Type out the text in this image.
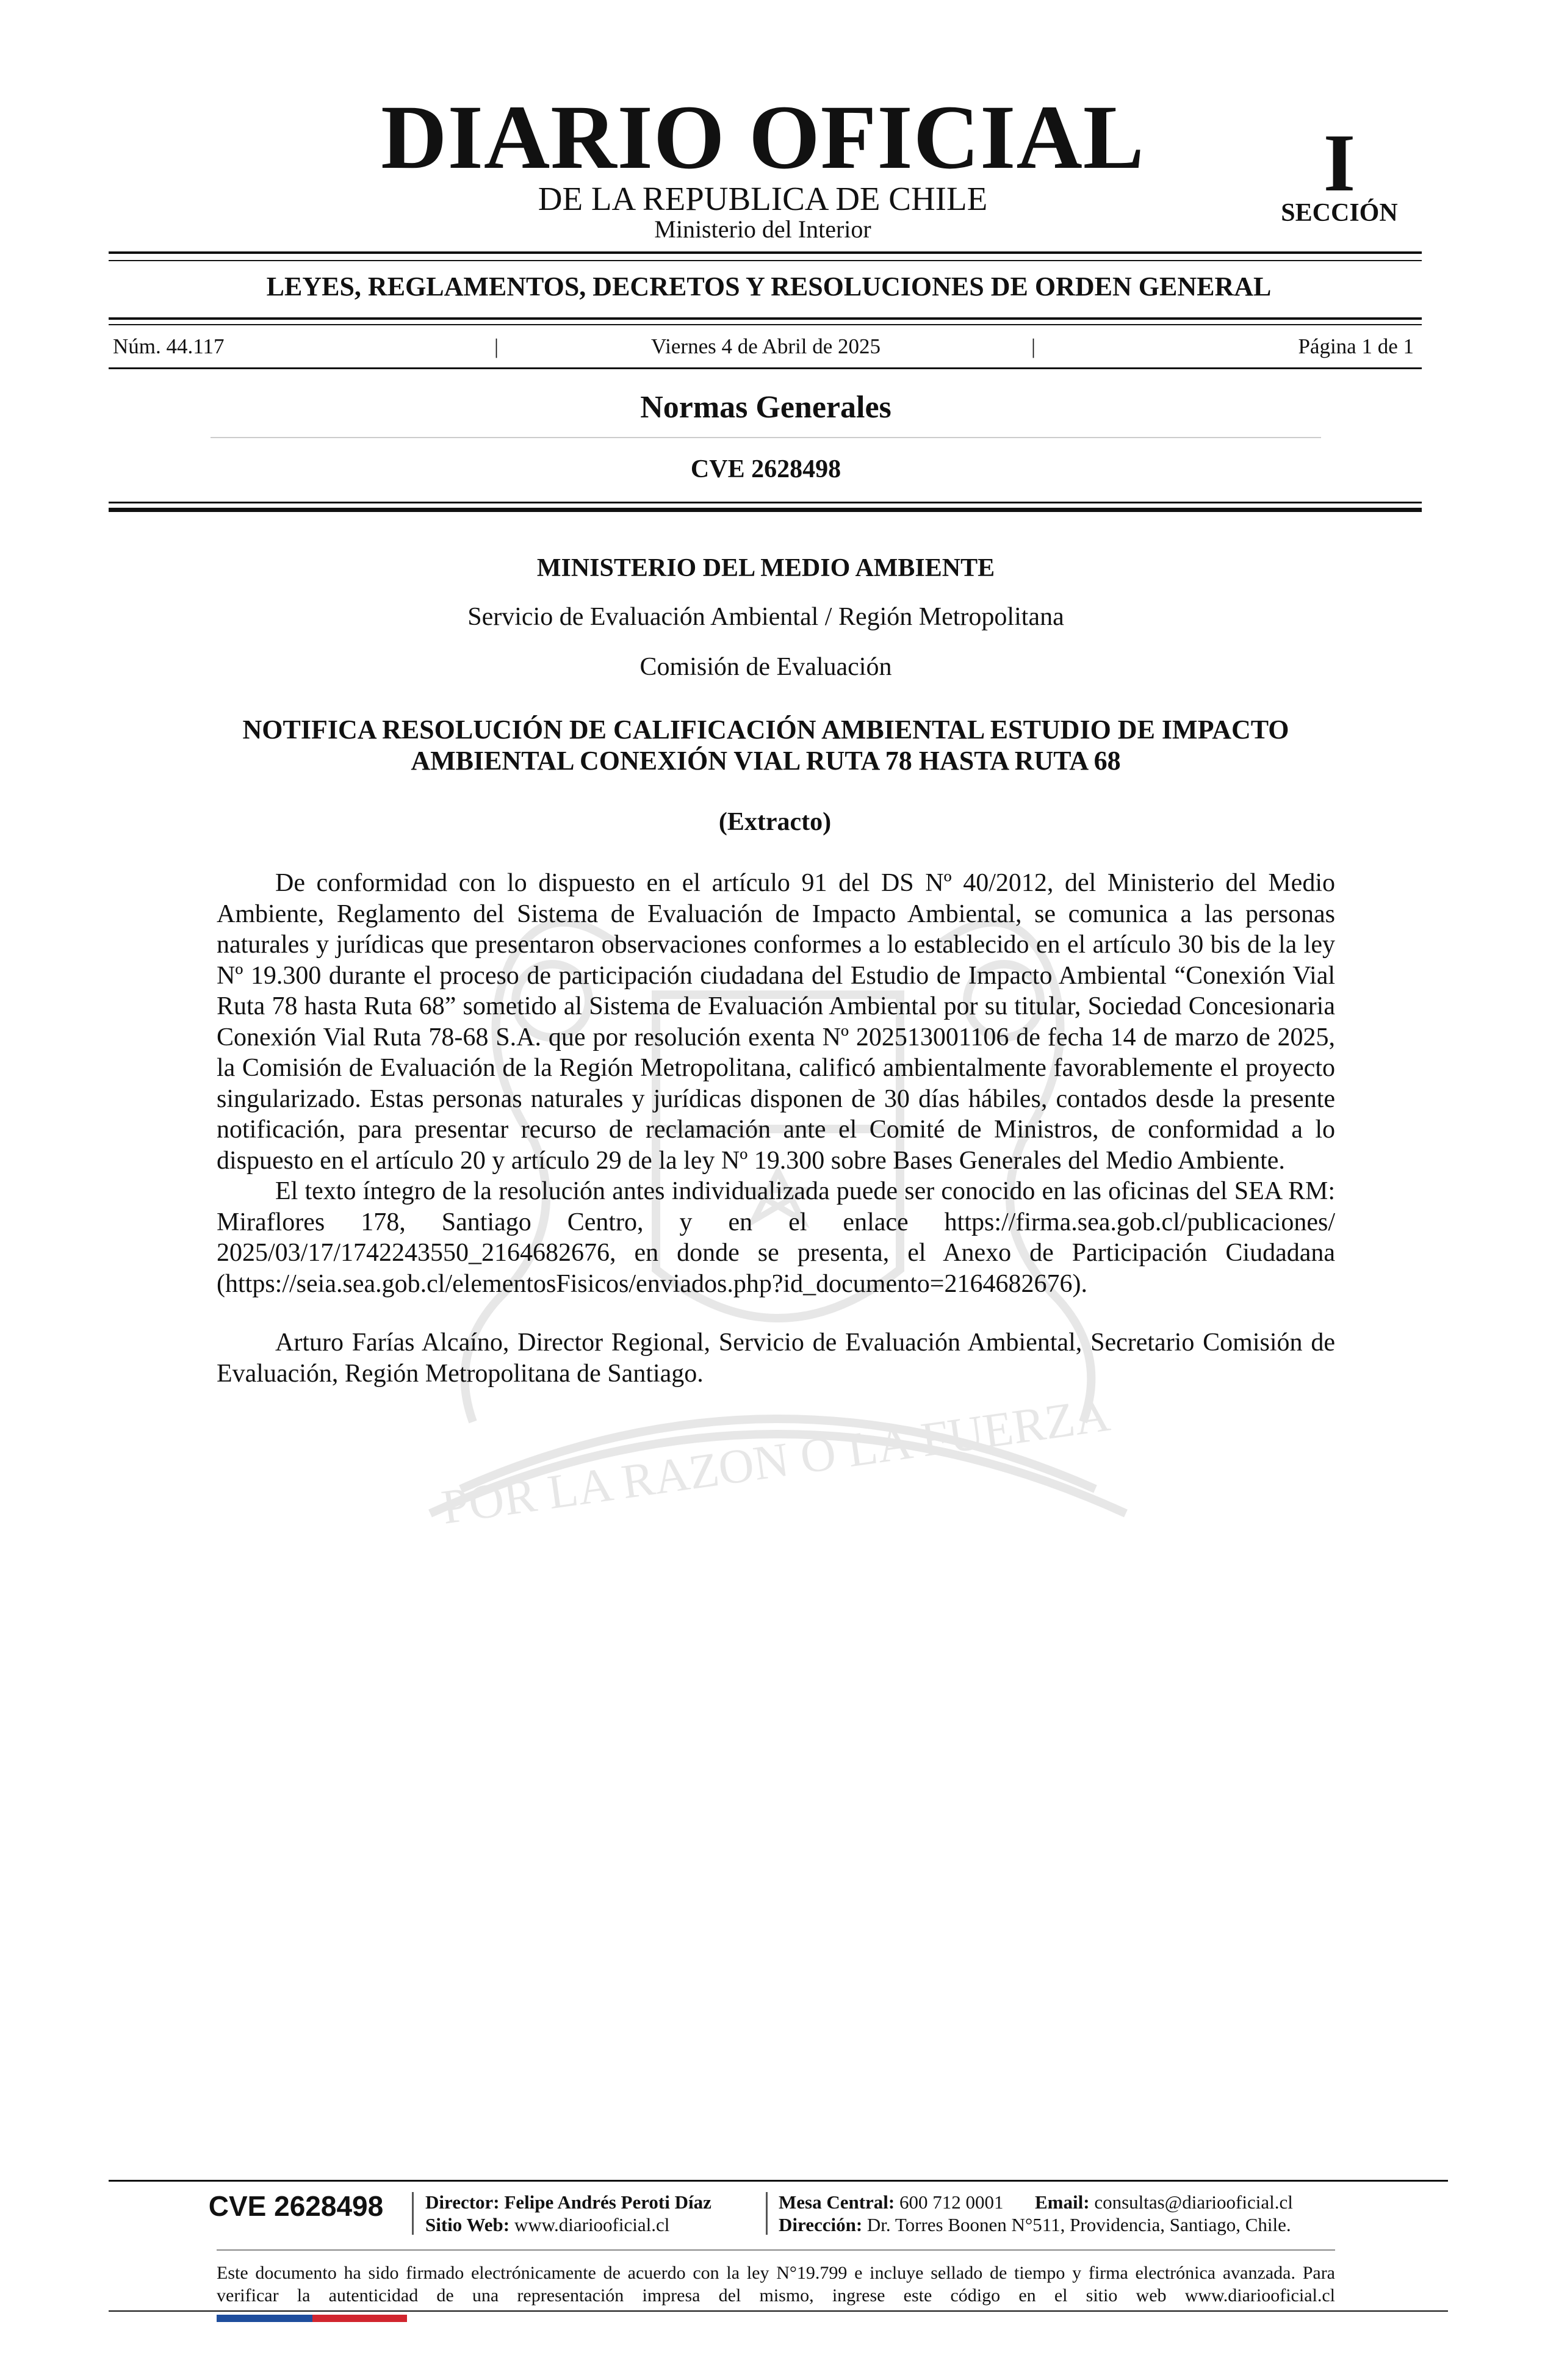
POR LA RAZON O LA FUERZA
DIARIO OFICIAL
DE LA REPUBLICA DE CHILE
Ministerio del Interior
I
SECCIÓN
LEYES, REGLAMENTOS, DECRETOS Y RESOLUCIONES DE ORDEN GENERAL
Núm. 44.117	|	Viernes 4 de Abril de 2025	|	Página 1 de 1
Normas Generales
CVE 2628498
MINISTERIO DEL MEDIO AMBIENTE
Servicio de Evaluación Ambiental / Región Metropolitana
Comisión de Evaluación
NOTIFICA RESOLUCIÓN DE CALIFICACIÓN AMBIENTAL ESTUDIO DE IMPACTO AMBIENTAL CONEXIÓN VIAL RUTA 78 HASTA RUTA 68
(Extracto)

De conformidad con lo dispuesto en el artículo 91 del DS Nº 40/2012, del Ministerio del Medio Ambiente, Reglamento del Sistema de Evaluación de Impacto Ambiental, se comunica a las personas naturales y jurídicas que presentaron observaciones conformes a lo establecido en el artículo 30 bis de la ley Nº 19.300 durante el proceso de participación ciudadana del Estudio de Impacto Ambiental “Conexión Vial Ruta 78 hasta Ruta 68” sometido al Sistema de Evaluación Ambiental por su titular, Sociedad Concesionaria Conexión Vial Ruta 78-68 S.A. que por resolución exenta Nº 202513001106 de fecha 14 de marzo de 2025, la Comisión de Evaluación de la Región Metropolitana, calificó ambientalmente favorablemente el proyecto singularizado. Estas personas naturales y jurídicas disponen de 30 días hábiles, contados desde la presente notificación, para presentar recurso de reclamación ante el Comité de Ministros, de conformidad a lo dispuesto en el artículo 20 y artículo 29 de la ley Nº 19.300 sobre Bases Generales del Medio Ambiente.

El texto íntegro de la resolución antes individualizada puede ser conocido en las oficinas del SEA RM: Miraflores 178, Santiago Centro, y en el enlace https://firma.sea.gob.cl/publicaciones/ 2025/03/17/1742243550_2164682676, en donde se presenta, el Anexo de Participación Ciudadana (https://seia.sea.gob.cl/elementosFisicos/enviados.php?id_documento=2164682676).

Arturo Farías Alcaíno, Director Regional, Servicio de Evaluación Ambiental, Secretario Comisión de Evaluación, Región Metropolitana de Santiago.

CVE 2628498	Director: Felipe Andrés Peroti Díaz
Sitio Web: www.diariooficial.cl
Mesa Central: 600 712 0001 Email: consultas@diariooficial.cl
Dirección: Dr. Torres Boonen N°511, Providencia, Santiago, Chile.
Este documento ha sido firmado electrónicamente de acuerdo con la ley N°19.799 e incluye sellado de tiempo y firma electrónica avanzada. Para verificar la autenticidad de una representación impresa del mismo, ingrese este código en el sitio web www.diariooficial.cl
